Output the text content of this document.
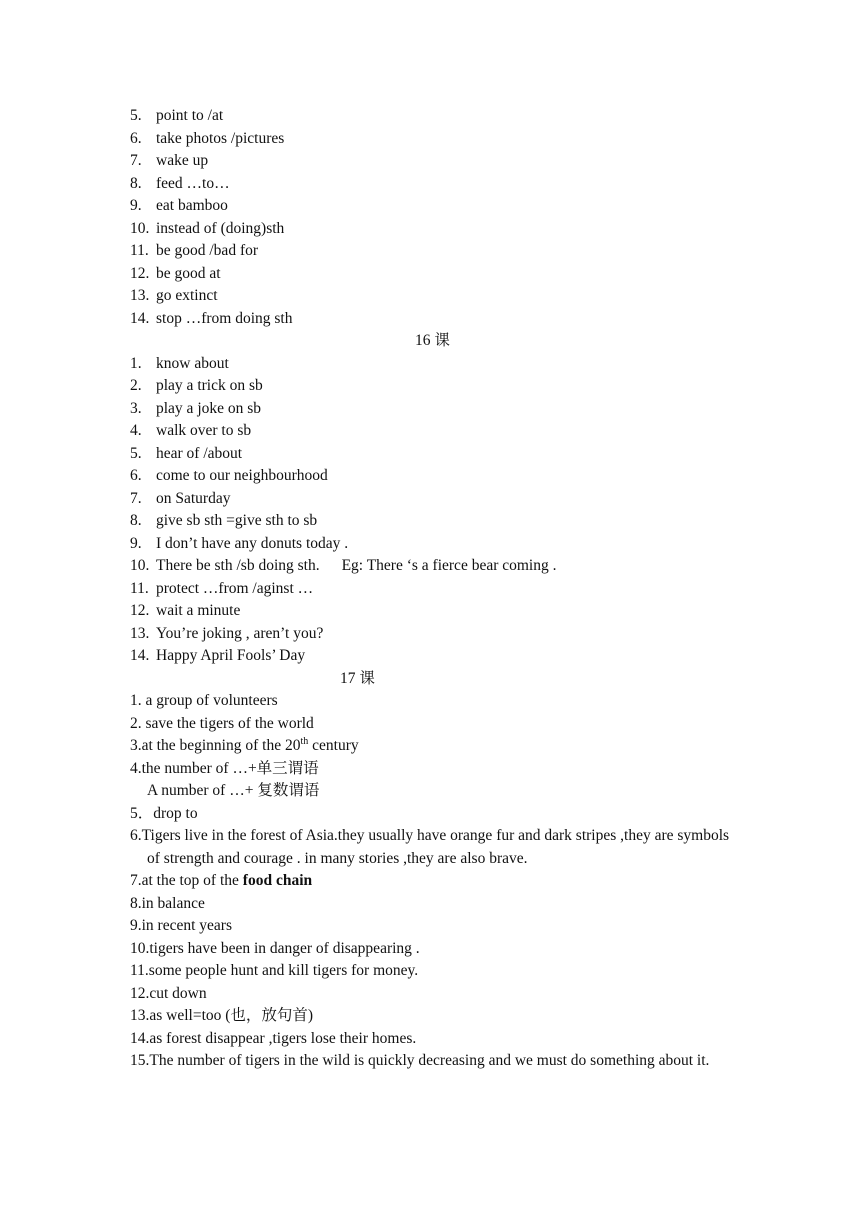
5. point to /at
6. take photos /pictures
7. wake up
8. feed …to…
9. eat bamboo
10. instead of (doing)sth
11. be good /bad for
12. be good at
13. go extinct
14. stop …from doing sth
16 课
1. know about
2. play a trick on sb
3. play a joke on sb
4. walk over to sb
5. hear of /about
6. come to our neighbourhood
7. on Saturday
8. give sb sth =give sth to sb
9. I don’t have any donuts today .
10. There be sth /sb doing sth. Eg: There ‘s a fierce bear coming .
11. protect …from /aginst …
12. wait a minute
13. You’re joking , aren’t you?
14. Happy April Fools’ Day
17 课
1. a group of volunteers
2. save the tigers of the world
3.at the beginning of the 20th century
4.the number of …+单三谓语
A number of …+ 复数谓语
5．drop to
6.Tigers live in the forest of Asia.they usually have orange fur and dark stripes ,they are symbols of strength and courage . in many stories ,they are also brave.
7.at the top of the food chain
8.in balance
9.in recent years
10.tigers have been in danger of disappearing .
11.some people hunt and kill tigers for money.
12.cut down
13.as well=too (也，放句首)
14.as forest disappear ,tigers lose their homes.
15.The number of tigers in the wild is quickly decreasing and we must do something about it.
